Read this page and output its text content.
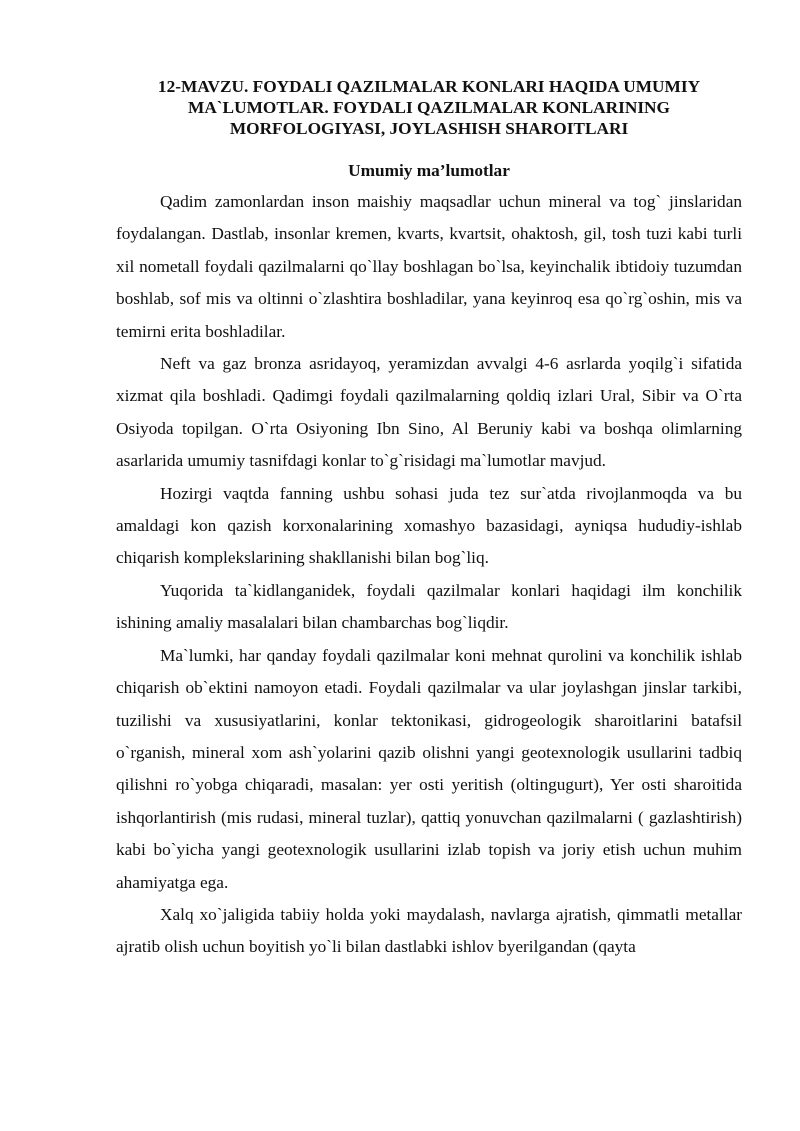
12-MAVZU. FOYDALI QAZILMALAR KONLARI HAQIDA UMUMIY
MA`LUMOTLAR. FOYDALI QAZILMALAR KONLARINING
MORFOLOGIYASI, JOYLASHISH SHAROITLARI
Umumiy ma’lumotlar

Qadim zamonlardan inson maishiy maqsadlar uchun mineral va tog` jinslaridan foydalangan. Dastlab, insonlar kremen, kvarts, kvartsit, ohaktosh, gil, tosh tuzi kabi turli xil nometall foydali qazilmalarni qo`llay boshlagan bo`lsa, keyinchalik ibtidoiy tuzumdan boshlab, sof mis va oltinni o`zlashtira boshladilar, yana keyinroq esa qo`rg`oshin, mis va temirni erita boshladilar.

Neft va gaz bronza asridayoq, yeramizdan avvalgi 4-6 asrlarda yoqilg`i sifatida xizmat qila boshladi. Qadimgi foydali qazilmalarning qoldiq izlari Ural, Sibir va O`rta Osiyoda topilgan. O`rta Osiyoning Ibn Sino, Al Beruniy kabi va boshqa olimlarning asarlarida umumiy tasnifdagi konlar to`g`risidagi ma`lumotlar mavjud.

Hozirgi vaqtda fanning ushbu sohasi juda tez sur`atda rivojlanmoqda va bu amaldagi kon qazish korxonalarining xomashyo bazasidagi, ayniqsa hududiy-ishlab chiqarish komplekslarining shakllanishi bilan bog`liq.

Yuqorida ta`kidlanganidek, foydali qazilmalar konlari haqidagi ilm konchilik ishining amaliy masalalari bilan chambarchas bog`liqdir.

Ma`lumki, har qanday foydali qazilmalar koni mehnat qurolini va konchilik ishlab chiqarish ob`ektini namoyon etadi. Foydali qazilmalar va ular joylashgan jinslar tarkibi, tuzilishi va xususiyatlarini, konlar tektonikasi, gidrogeologik sharoitlarini batafsil o`rganish, mineral xom ash`yolarini qazib olishni yangi geotexnologik usullarini tadbiq qilishni ro`yobga chiqaradi, masalan: yer osti yeritish (oltingugurt), Yer osti sharoitida ishqorlantirish (mis rudasi, mineral tuzlar), qattiq yonuvchan qazilmalarni ( gazlashtirish) kabi bo`yicha yangi geotexnologik usullarini izlab topish va joriy etish uchun muhim ahamiyatga ega.

Xalq xo`jaligida tabiiy holda yoki maydalash, navlarga ajratish, qimmatli metallar ajratib olish uchun boyitish yo`li bilan dastlabki ishlov byerilgandan (qayta
